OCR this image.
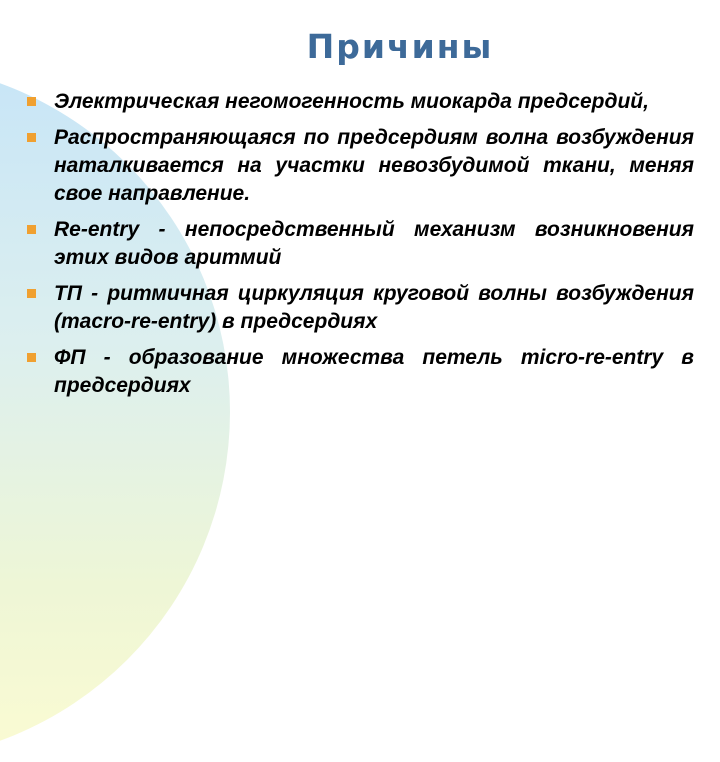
Причины
Электрическая негомогенность миокарда предсердий,
Распространяющаяся по предсердиям волна возбуждения наталкивается на участки невозбудимой ткани, меняя свое направление.
Re-entry - непосредственный механизм возникновения этих видов аритмий
ТП - ритмичная циркуляция круговой волны возбуждения (macro-re-entry) в предсердиях
ФП - образование множества петель micro-re-entry в предсердиях
